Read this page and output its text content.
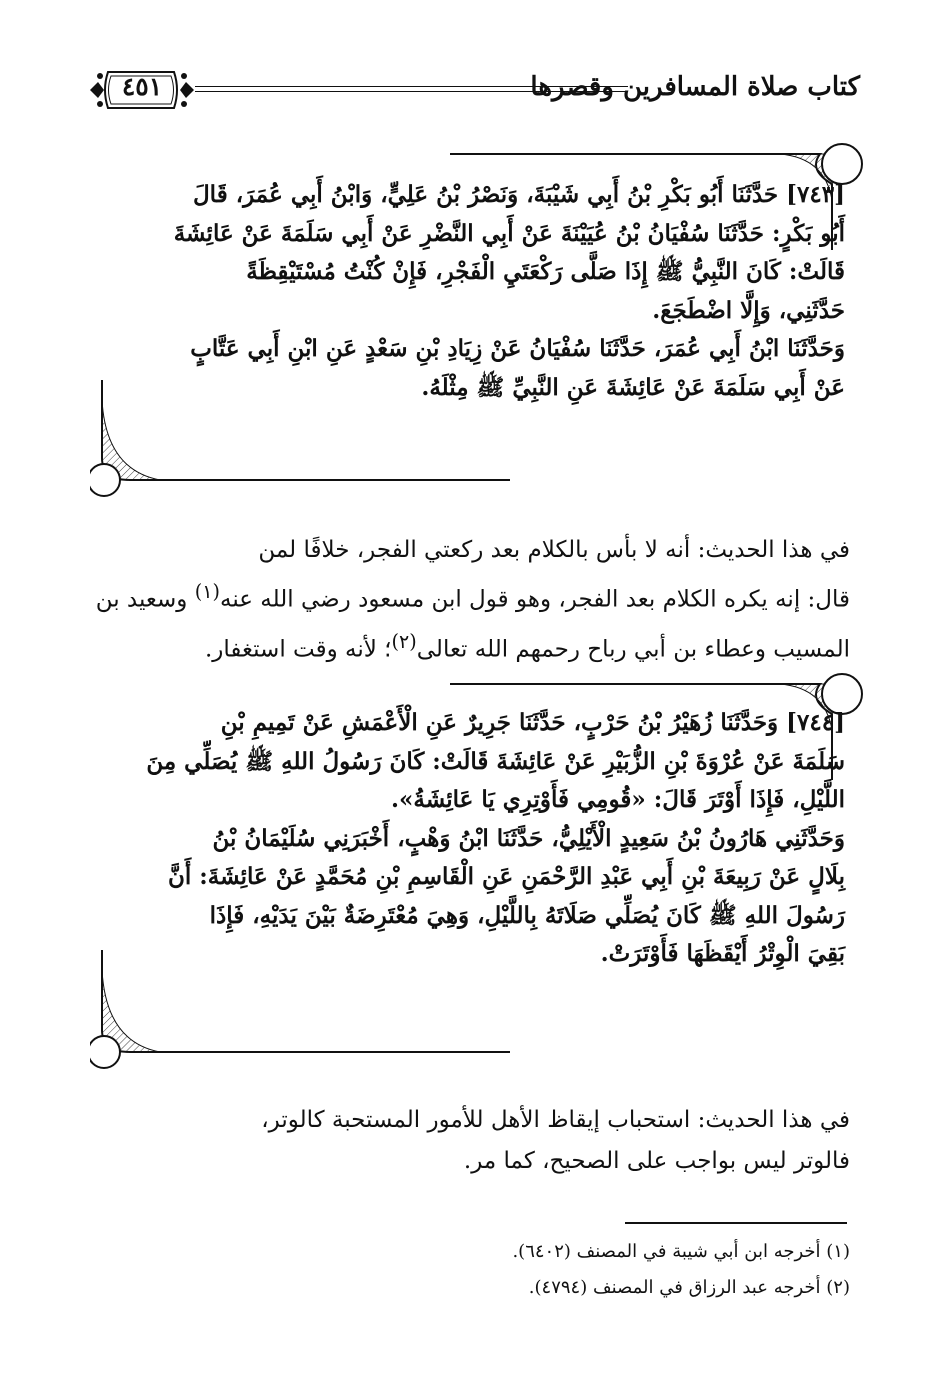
كتاب صلاة المسافرين وقصرها
٤٥١

[٧٤٣] حَدَّثَنَا أَبُو بَكْرِ بْنُ أَبِي شَيْبَةَ، وَنَصْرُ بْنُ عَلِيٍّ، وَابْنُ أَبِي عُمَرَ، قَالَ

أَبُو بَكْرٍ: حَدَّثَنَا سُفْيَانُ بْنُ عُيَيْنَةَ عَنْ أَبِي النَّضْرِ عَنْ أَبِي سَلَمَةَ عَنْ عَائِشَةَ

قَالَتْ: كَانَ النَّبِيُّ ﷺ إِذَا صَلَّى رَكْعَتَيِ الْفَجْرِ، فَإِنْ كُنْتُ مُسْتَيْقِظَةً

حَدَّثَنِي، وَإِلَّا اضْطَجَعَ.

وَحَدَّثَنَا ابْنُ أَبِي عُمَرَ، حَدَّثَنَا سُفْيَانُ عَنْ زِيَادِ بْنِ سَعْدٍ عَنِ ابْنِ أَبِي عَتَّابٍ

عَنْ أَبِي سَلَمَةَ عَنْ عَائِشَةَ عَنِ النَّبِيِّ ﷺ مِثْلَهُ.

في هذا الحديث: أنه لا بأس بالكلام بعد ركعتي الفجر، خلافًا لمن

قال: إنه يكره الكلام بعد الفجر، وهو قول ابن مسعود رضي الله عنه$^{(١)}$ وسعيد بن

المسيب وعطاء بن أبي رباح رحمهم الله تعالى$^{(٢)}$؛ لأنه وقت استغفار.

[٧٤٤] وَحَدَّثَنَا زُهَيْرُ بْنُ حَرْبٍ، حَدَّثَنَا جَرِيرٌ عَنِ الْأَعْمَشِ عَنْ تَمِيمِ بْنِ

سَلَمَةَ عَنْ عُرْوَةَ بْنِ الزُّبَيْرِ عَنْ عَائِشَةَ قَالَتْ: كَانَ رَسُولُ اللهِ ﷺ يُصَلِّي مِنَ

اللَّيْلِ، فَإِذَا أَوْتَرَ قَالَ: «قُومِي فَأَوْتِرِي يَا عَائِشَةُ».

وَحَدَّثَنِي هَارُونُ بْنُ سَعِيدٍ الْأَيْلِيُّ، حَدَّثَنَا ابْنُ وَهْبٍ، أَخْبَرَنِي سُلَيْمَانُ بْنُ

بِلَالٍ عَنْ رَبِيعَةَ بْنِ أَبِي عَبْدِ الرَّحْمَنِ عَنِ الْقَاسِمِ بْنِ مُحَمَّدٍ عَنْ عَائِشَةَ: أَنَّ

رَسُولَ اللهِ ﷺ كَانَ يُصَلِّي صَلَاتَهُ بِاللَّيْلِ، وَهِيَ مُعْتَرِضَةٌ بَيْنَ يَدَيْهِ، فَإِذَا

بَقِيَ الْوِتْرُ أَيْقَظَهَا فَأَوْتَرَتْ.

في هذا الحديث: استحباب إيقاظ الأهل للأمور المستحبة كالوتر،

فالوتر ليس بواجب على الصحيح، كما مر.

(١) أخرجه ابن أبي شيبة في المصنف (٦٤٠٢).

(٢) أخرجه عبد الرزاق في المصنف (٤٧٩٤).
